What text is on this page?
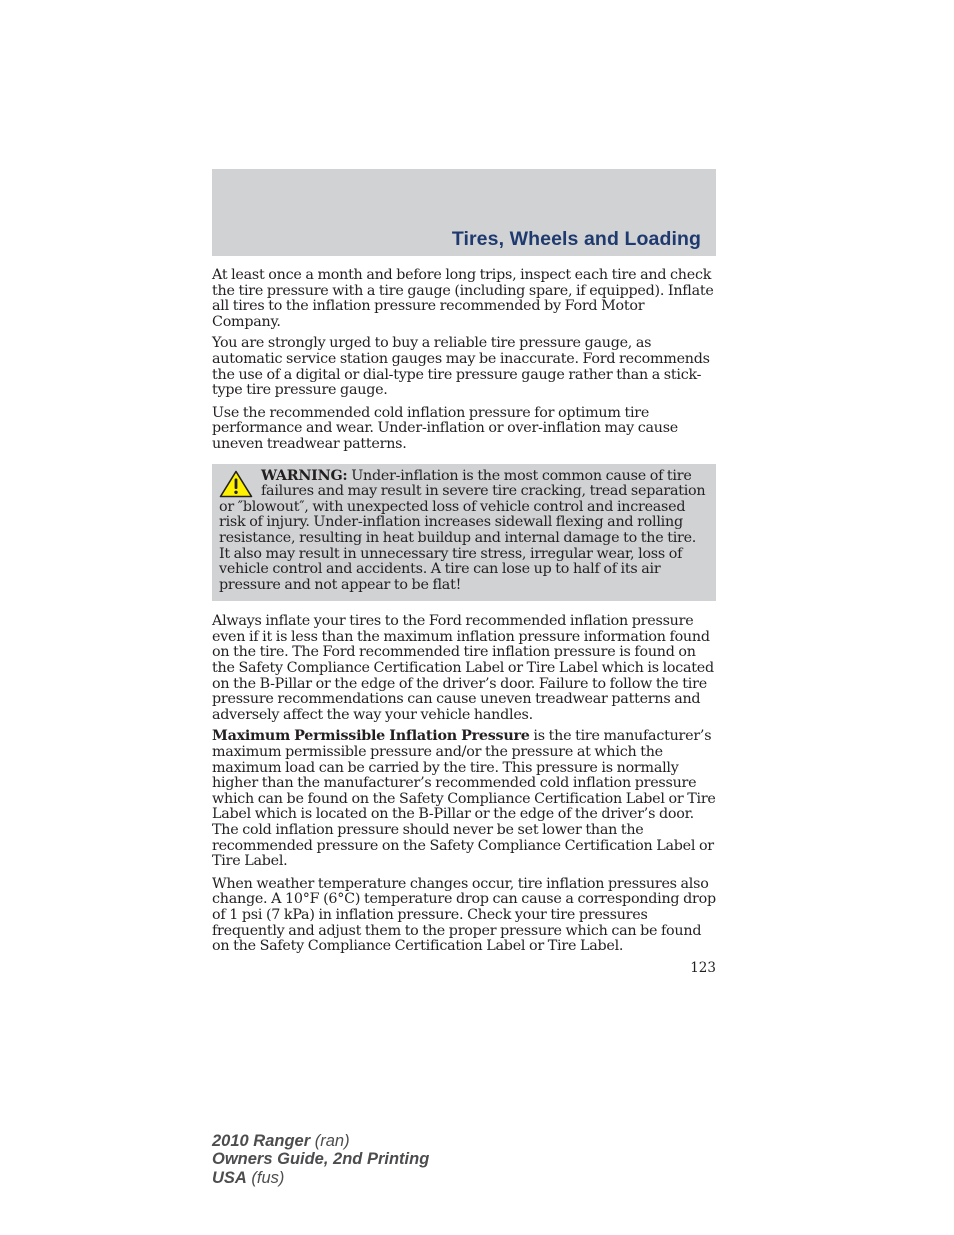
Tires, Wheels and Loading

At least once a month and before long trips, inspect each tire and check the tire pressure with a tire gauge (including spare, if equipped). Inflate all tires to the inflation pressure recommended by Ford Motor Company.

You are strongly urged to buy a reliable tire pressure gauge, as automatic service station gauges may be inaccurate. Ford recommends the use of a digital or dial-type tire pressure gauge rather than a stick-type tire pressure gauge.

Use the recommended cold inflation pressure for optimum tire performance and wear. Under-inflation or over-inflation may cause uneven treadwear patterns.

WARNING: Under-inflation is the most common cause of tire failures and may result in severe tire cracking, tread separation or ″blowout″, with unexpected loss of vehicle control and increased risk of injury. Under-inflation increases sidewall flexing and rolling resistance, resulting in heat buildup and internal damage to the tire. It also may result in unnecessary tire stress, irregular wear, loss of vehicle control and accidents. A tire can lose up to half of its air pressure and not appear to be flat!

Always inflate your tires to the Ford recommended inflation pressure even if it is less than the maximum inflation pressure information found on the tire. The Ford recommended tire inflation pressure is found on the Safety Compliance Certification Label or Tire Label which is located on the B-Pillar or the edge of the driver’s door. Failure to follow the tire pressure recommendations can cause uneven treadwear patterns and adversely affect the way your vehicle handles.

Maximum Permissible Inflation Pressure is the tire manufacturer’s maximum permissible pressure and/or the pressure at which the maximum load can be carried by the tire. This pressure is normally higher than the manufacturer’s recommended cold inflation pressure which can be found on the Safety Compliance Certification Label or Tire Label which is located on the B-Pillar or the edge of the driver’s door. The cold inflation pressure should never be set lower than the recommended pressure on the Safety Compliance Certification Label or Tire Label.

When weather temperature changes occur, tire inflation pressures also change. A 10°F (6°C) temperature drop can cause a corresponding drop of 1 psi (7 kPa) in inflation pressure. Check your tire pressures frequently and adjust them to the proper pressure which can be found on the Safety Compliance Certification Label or Tire Label.

123
2010 Ranger (ran)
Owners Guide, 2nd Printing
USA (fus)
